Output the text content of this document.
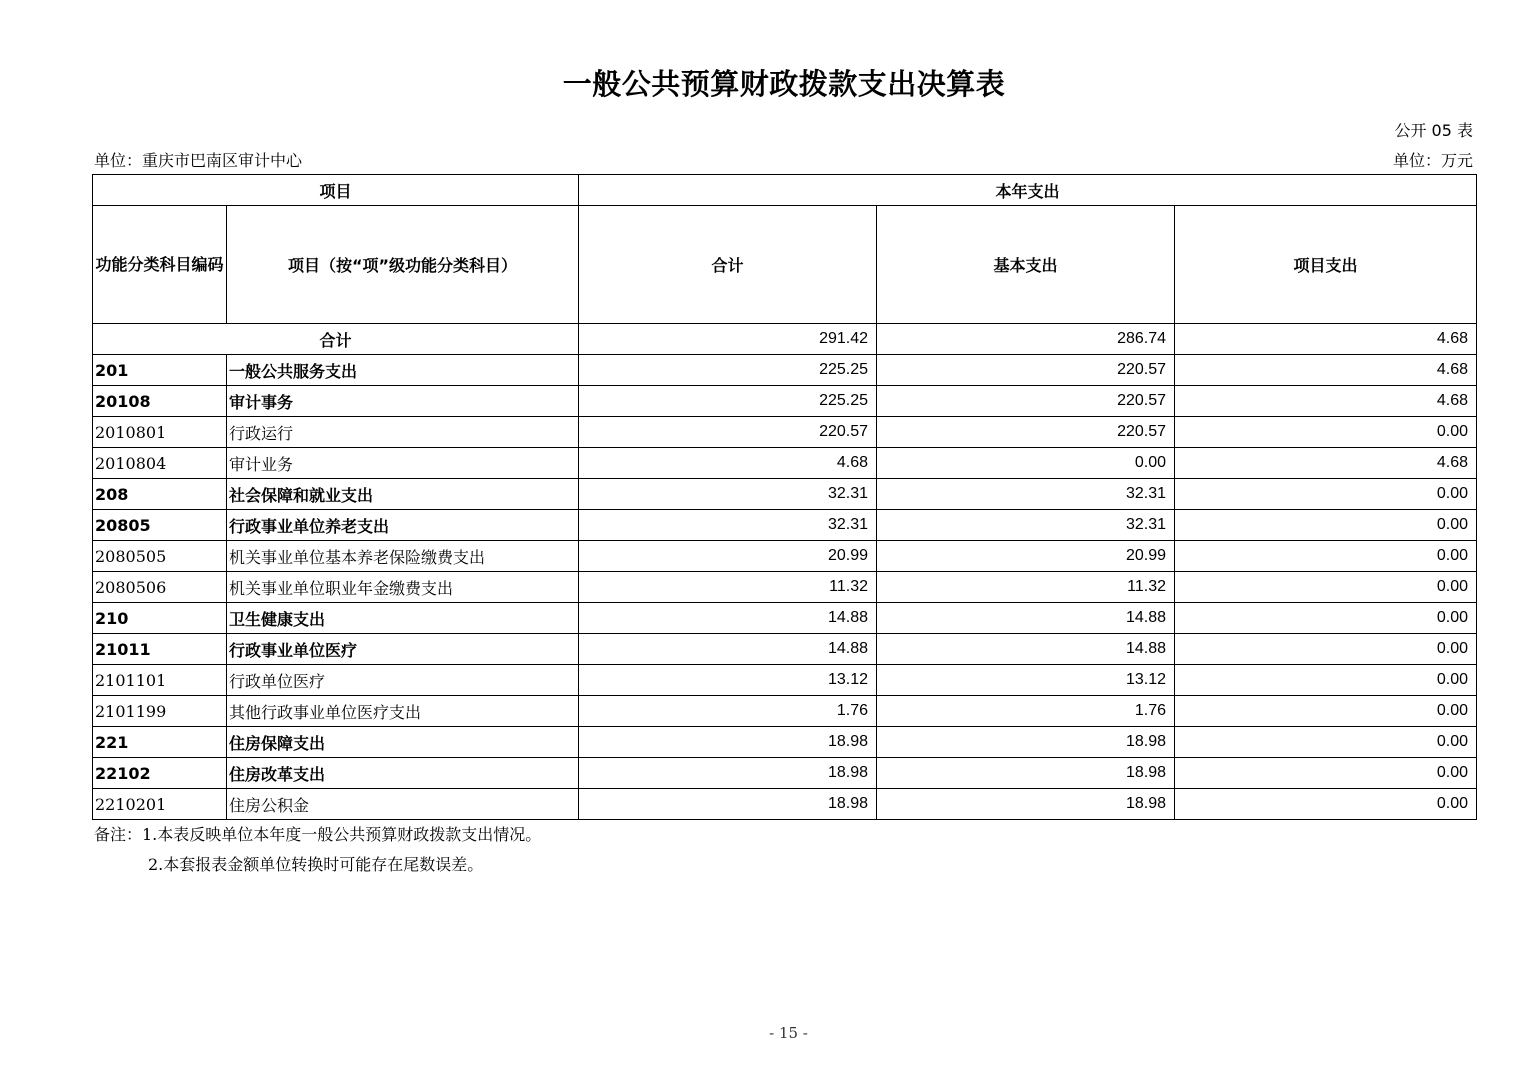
一般公共预算财政拨款支出决算表
公开 05 表
单位：重庆市巴南区审计中心	单位：万元
项目		本年支出		
功能分类科目编码	项目（按“项”级功能分类科目）	合计	基本支出	项目支出
合计		291.42	286.74	4.68
201	一般公共服务支出	225.25	220.57	4.68
20108	审计事务	225.25	220.57	4.68
2010801	行政运行	220.57	220.57	0.00
2010804	审计业务	4.68	0.00	4.68
208	社会保障和就业支出	32.31	32.31	0.00
20805	行政事业单位养老支出	32.31	32.31	0.00
2080505	机关事业单位基本养老保险缴费支出	20.99	20.99	0.00
2080506	机关事业单位职业年金缴费支出	11.32	11.32	0.00
210	卫生健康支出	14.88	14.88	0.00
21011	行政事业单位医疗	14.88	14.88	0.00
2101101	行政单位医疗	13.12	13.12	0.00
2101199	其他行政事业单位医疗支出	1.76	1.76	0.00
221	住房保障支出	18.98	18.98	0.00
22102	住房改革支出	18.98	18.98	0.00
2210201	住房公积金	18.98	18.98	0.00
备注：1.本表反映单位本年度一般公共预算财政拨款支出情况。
2.本套报表金额单位转换时可能存在尾数误差。
- 15 -
